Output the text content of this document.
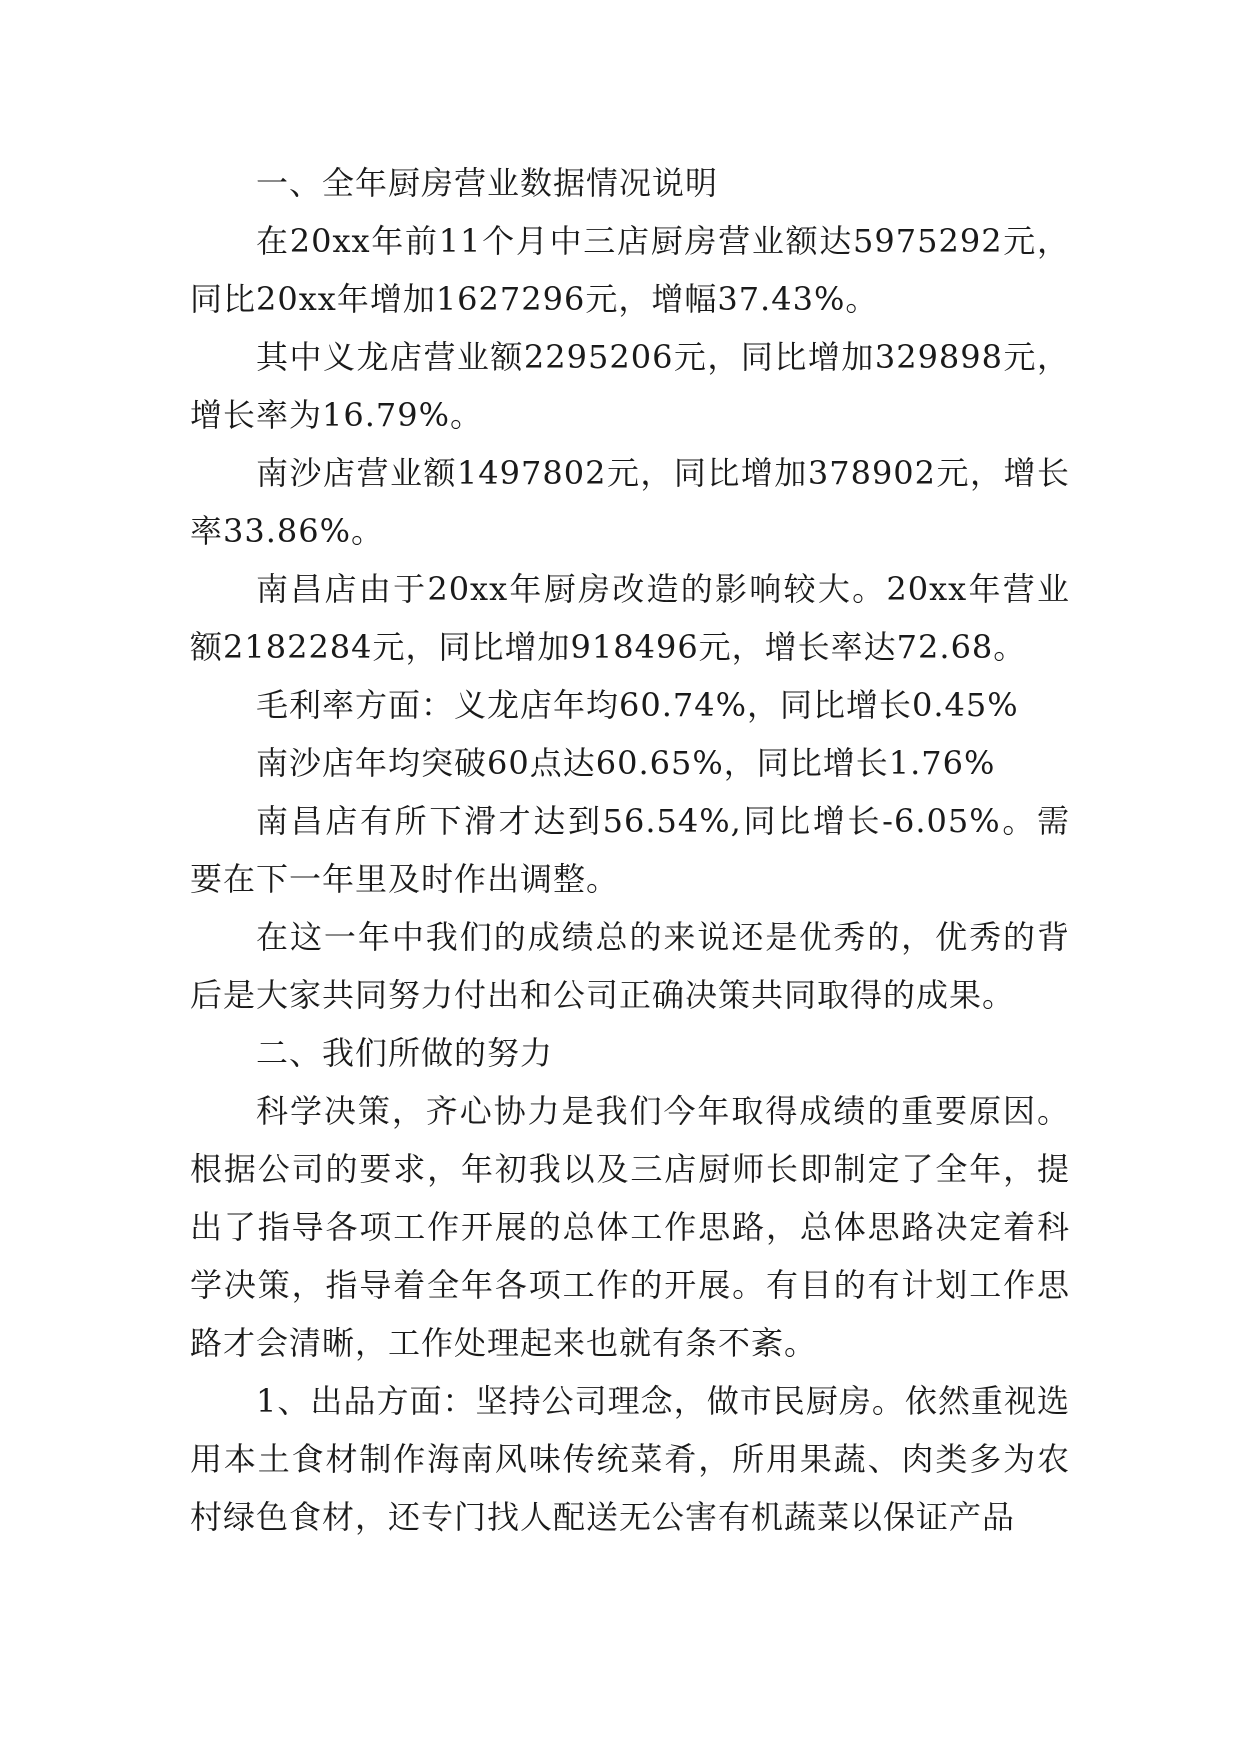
一、全年厨房营业数据情况说明

在20xx年前11个月中三店厨房营业额达5975292元，同比20xx年增加1627296元，增幅37.43%。

其中义龙店营业额2295206元，同比增加329898元，增长率为16.79%。

南沙店营业额1497802元，同比增加378902元，增长率33.86%。

南昌店由于20xx年厨房改造的影响较大。20xx年营业额2182284元，同比增加918496元，增长率达72.68。

毛利率方面：义龙店年均60.74%，同比增长0.45%

南沙店年均突破60点达60.65%，同比增长1.76%

南昌店有所下滑才达到56.54%,同比增长-6.05%。需要在下一年里及时作出调整。

在这一年中我们的成绩总的来说还是优秀的，优秀的背后是大家共同努力付出和公司正确决策共同取得的成果。

二、我们所做的努力

科学决策，齐心协力是我们今年取得成绩的重要原因。根据公司的要求，年初我以及三店厨师长即制定了全年，提出了指导各项工作开展的总体工作思路，总体思路决定着科学决策，指导着全年各项工作的开展。有目的有计划工作思路才会清晰，工作处理起来也就有条不紊。

1、出品方面：坚持公司理念，做市民厨房。依然重视选用本土食材制作海南风味传统菜肴，所用果蔬、肉类多为农村绿色食材，还专门找人配送无公害有机蔬菜以保证产品
